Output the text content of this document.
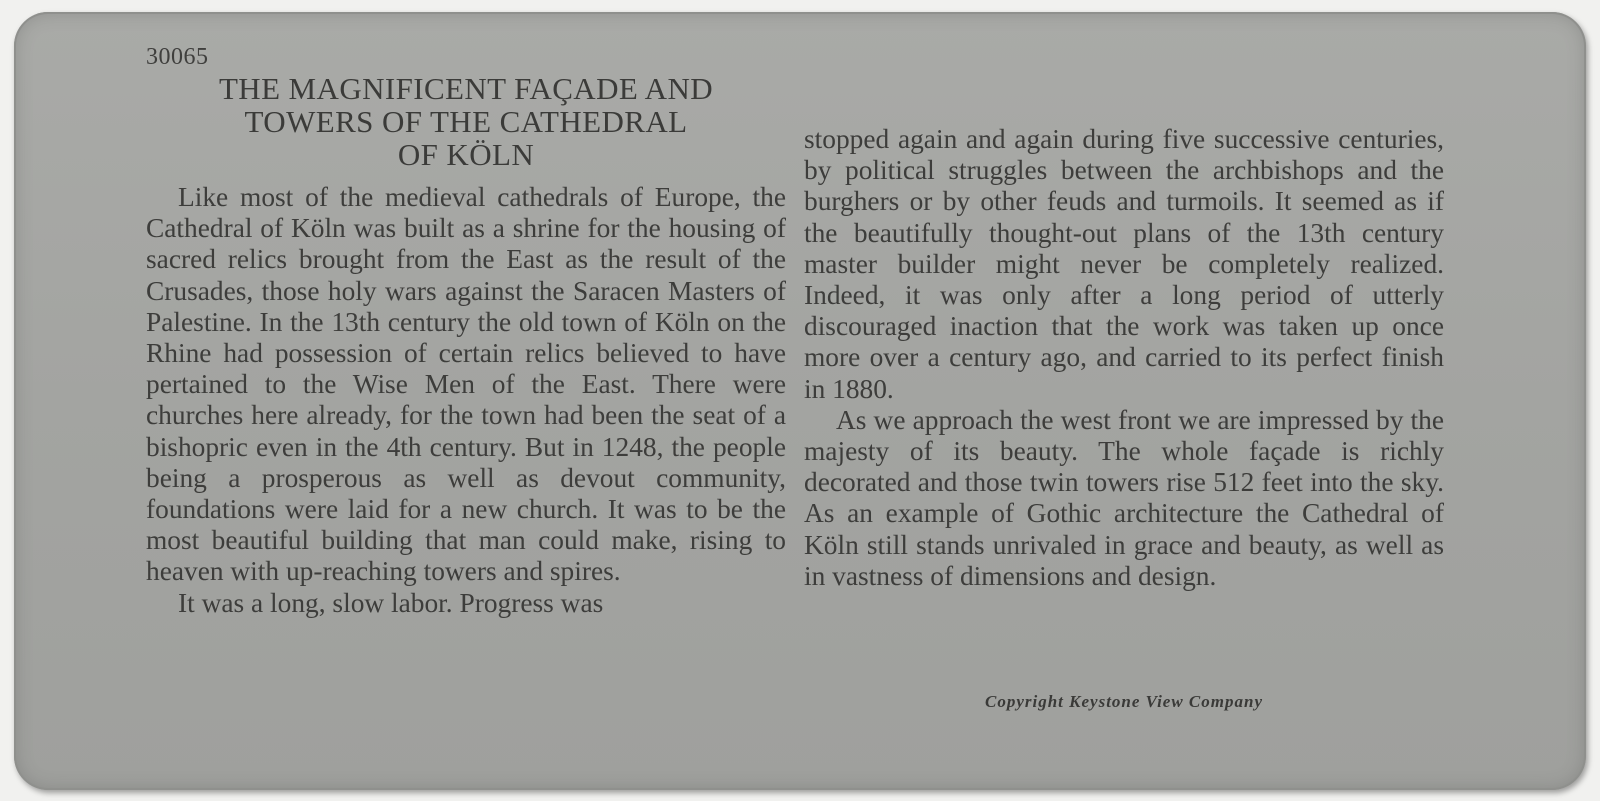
30065
THE MAGNIFICENT FAÇADE AND
TOWERS OF THE CATHEDRAL
OF KÖLN

Like most of the medieval cathedrals of Europe, the Cathedral of Köln was built as a shrine for the housing of sacred relics brought from the East as the result of the Crusades, those holy wars against the Saracen Masters of Palestine. In the 13th century the old town of Köln on the Rhine had possession of certain relics believed to have pertained to the Wise Men of the East. There were churches here already, for the town had been the seat of a bishopric even in the 4th century. But in 1248, the people being a prosperous as well as devout community, foundations were laid for a new church. It was to be the most beautiful building that man could make, rising to heaven with up-reaching towers and spires.

It was a long, slow labor. Progress was

stopped again and again during five successive centuries, by political struggles between the archbishops and the burghers or by other feuds and turmoils. It seemed as if the beautifully thought-out plans of the 13th century master builder might never be completely realized. Indeed, it was only after a long period of utterly discouraged inaction that the work was taken up once more over a century ago, and carried to its perfect finish in 1880.

As we approach the west front we are impressed by the majesty of its beauty. The whole façade is richly decorated and those twin towers rise 512 feet into the sky. As an example of Gothic architecture the Cathedral of Köln still stands unrivaled in grace and beauty, as well as in vastness of dimensions and design.

Copyright Keystone View Company
